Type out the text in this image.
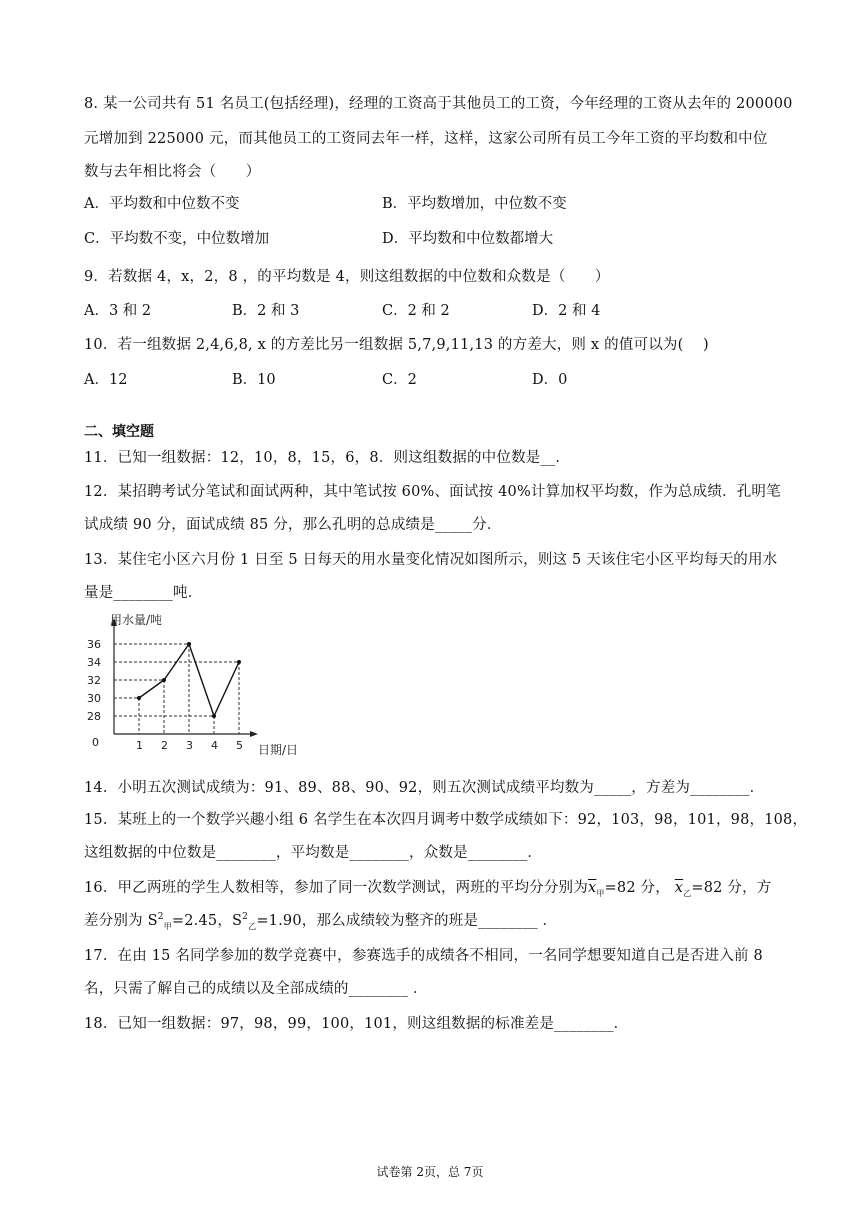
8. 某一公司共有 51 名员工(包括经理)，经理的工资高于其他员工的工资，今年经理的工资从去年的 200000
元增加到 225000 元，而其他员工的工资同去年一样，这样，这家公司所有员工今年工资的平均数和中位
数与去年相比将会（　　）
A．平均数和中位数不变	B．平均数增加，中位数不变
C．平均数不变，中位数增加	D．平均数和中位数都增大
9．若数据 4，x，2，8 ，的平均数是 4，则这组数据的中位数和众数是（　　）
A．3 和 2	B．2 和 3	C．2 和 2	D．2 和 4
10．若一组数据 2,4,6,8, x 的方差比另一组数据 5,7,9,11,13 的方差大，则 x 的值可以为(　 )
A．12	B．10	C．2	D．0
二、填空题
11．已知一组数据：12，10，8，15，6，8．则这组数据的中位数是__．
12．某招聘考试分笔试和面试两种，其中笔试按 60%、面试按 40%计算加权平均数，作为总成绩．孔明笔
试成绩 90 分，面试成绩 85 分，那么孔明的总成绩是_____分．
13．某住宅小区六月份 1 日至 5 日每天的用水量变化情况如图所示，则这 5 天该住宅小区平均每天的用水
量是________吨．
用水量/吨
日期/日
0
28
30
32
34
36
1 2 3 4 5
14．小明五次测试成绩为：91、89、88、90、92，则五次测试成绩平均数为_____，方差为________．
15．某班上的一个数学兴趣小组 6 名学生在本次四月调考中数学成绩如下：92，103，98，101，98，108，
这组数据的中位数是________，平均数是________，众数是________．
16．甲乙两班的学生人数相等，参加了同一次数学测试，两班的平均分分别为$\overline{x}_甲=82$ 分， $\overline{x}_乙=82$ 分，方
差分别为 $S^2_甲=2.45$，$S^2_乙=1.90$，那么成绩较为整齐的班是________ ．
17．在由 15 名同学参加的数学竞赛中，参赛选手的成绩各不相同，一名同学想要知道自己是否进入前 8
名，只需了解自己的成绩以及全部成绩的________ ．
18．已知一组数据：97，98，99，100，101，则这组数据的标准差是________．
试卷第 2页，总 7页
